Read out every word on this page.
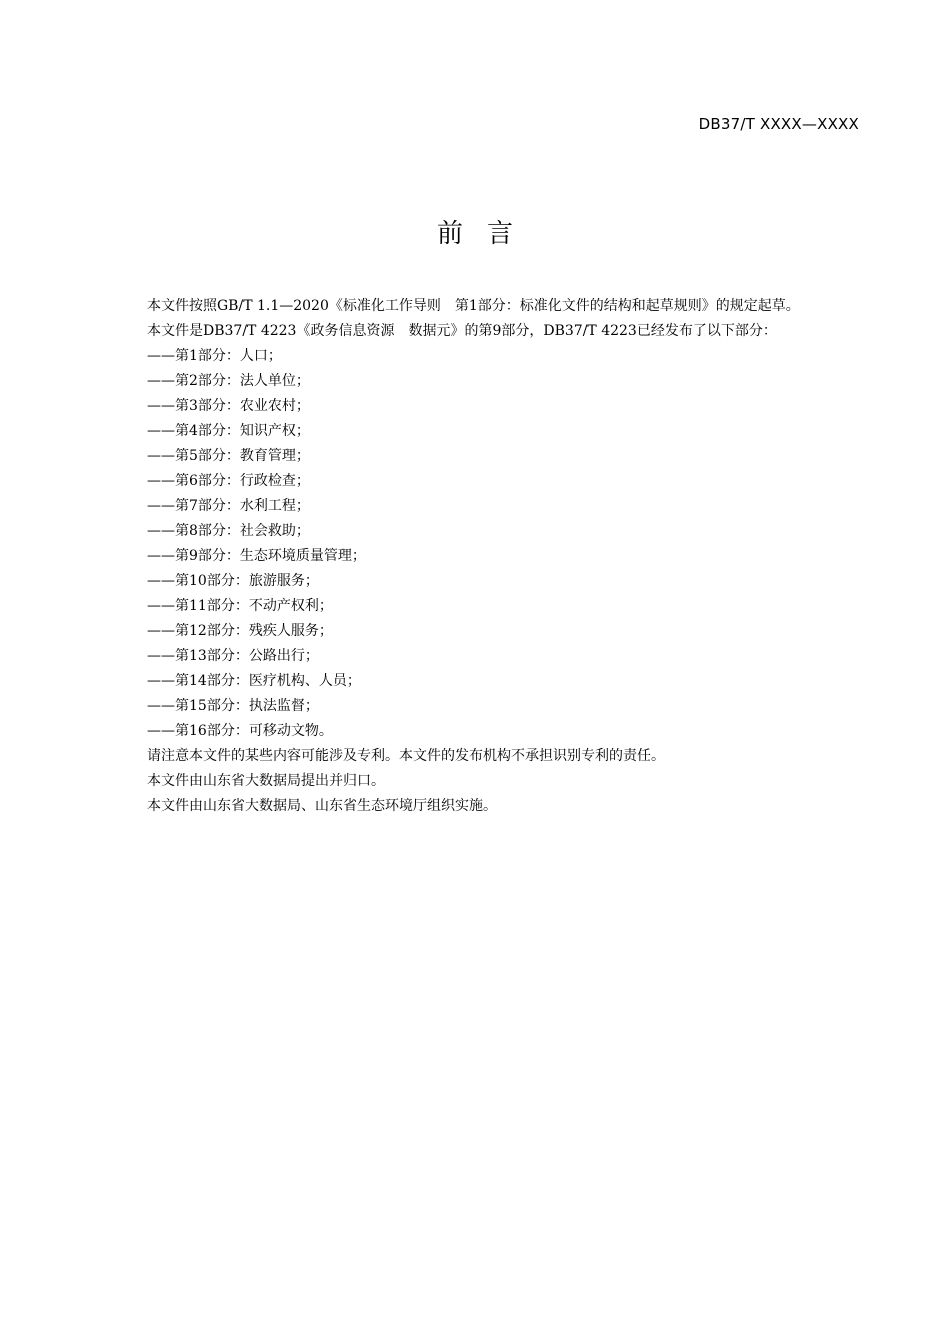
DB37/T XXXX—XXXX
前言

本文件按照GB/T 1.1—2020《标准化工作导则　第1部分：标准化文件的结构和起草规则》的规定起草。

本文件是DB37/T 4223《政务信息资源　数据元》的第9部分，DB37/T 4223已经发布了以下部分：

——第1部分：人口；
——第2部分：法人单位；
——第3部分：农业农村；
——第4部分：知识产权；
——第5部分：教育管理；
——第6部分：行政检查；
——第7部分：水利工程；
——第8部分：社会救助；
——第9部分：生态环境质量管理；
——第10部分：旅游服务；
——第11部分：不动产权利；
——第12部分：残疾人服务；
——第13部分：公路出行；
——第14部分：医疗机构、人员；
——第15部分：执法监督；
——第16部分：可移动文物。

请注意本文件的某些内容可能涉及专利。本文件的发布机构不承担识别专利的责任。

本文件由山东省大数据局提出并归口。

本文件由山东省大数据局、山东省生态环境厅组织实施。
